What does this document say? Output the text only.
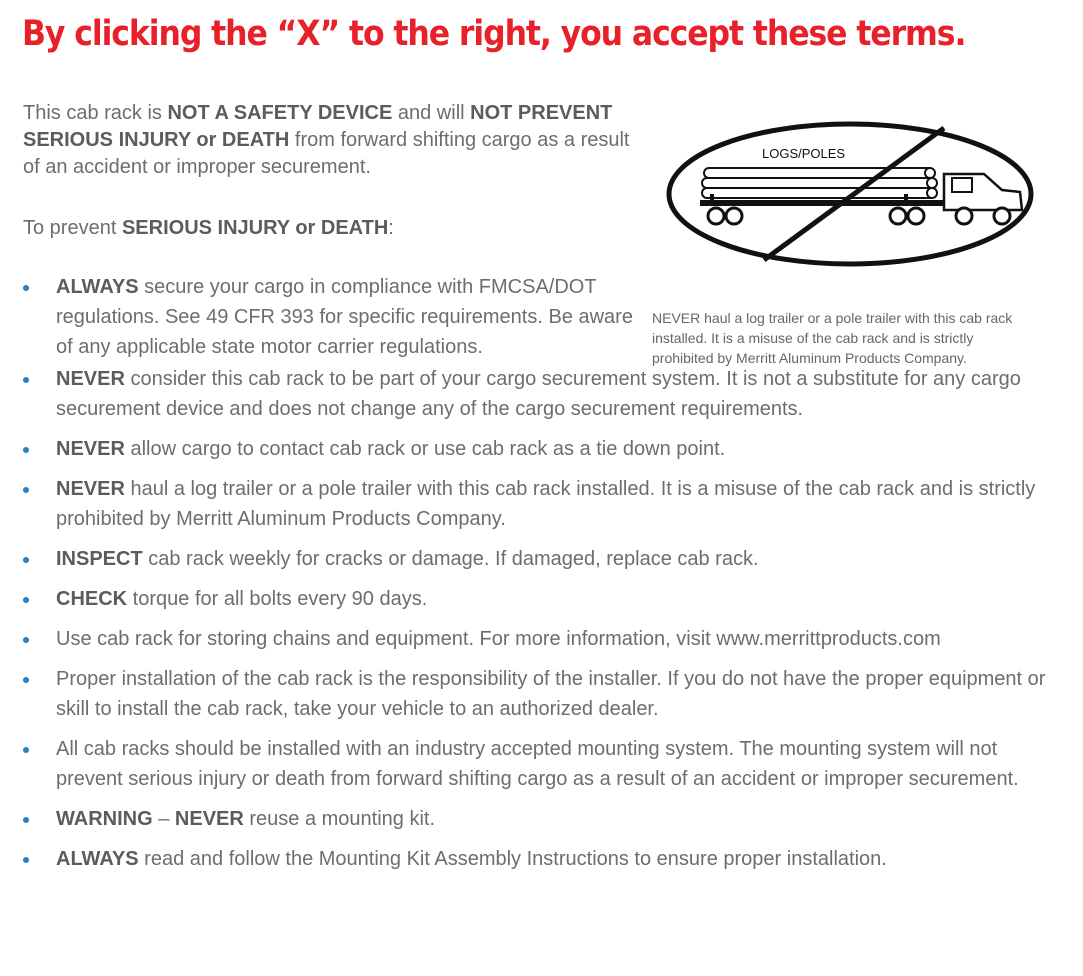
By clicking the “X” to the right, you accept these terms.

This cab rack is NOT A SAFETY DEVICE and will NOT PREVENT SERIOUS INJURY or DEATH from forward shifting cargo as a result of an accident or improper securement.

To prevent SERIOUS INJURY or DEATH:

LOGS/POLES

NEVER haul a log trailer or a pole trailer with this cab rack installed. It is a misuse of the cab rack and is strictly prohibited by Merritt Aluminum Products Company.

ALWAYS secure your cargo in compliance with FMCSA/DOT regulations. See 49 CFR 393 for specific requirements. Be aware of any applicable state motor carrier regulations.
NEVER consider this cab rack to be part of your cargo securement system. It is not a substitute for any cargo securement device and does not change any of the cargo securement requirements.
NEVER allow cargo to contact cab rack or use cab rack as a tie down point.
NEVER haul a log trailer or a pole trailer with this cab rack installed. It is a misuse of the cab rack and is strictly prohibited by Merritt Aluminum Products Company.
INSPECT cab rack weekly for cracks or damage. If damaged, replace cab rack.
CHECK torque for all bolts every 90 days.
Use cab rack for storing chains and equipment. For more information, visit www.merrittproducts.com
Proper installation of the cab rack is the responsibility of the installer. If you do not have the proper equipment or skill to install the cab rack, take your vehicle to an authorized dealer.
All cab racks should be installed with an industry accepted mounting system. The mounting system will not prevent serious injury or death from forward shifting cargo as a result of an accident or improper securement.
WARNING – NEVER reuse a mounting kit.
ALWAYS read and follow the Mounting Kit Assembly Instructions to ensure proper installation.
